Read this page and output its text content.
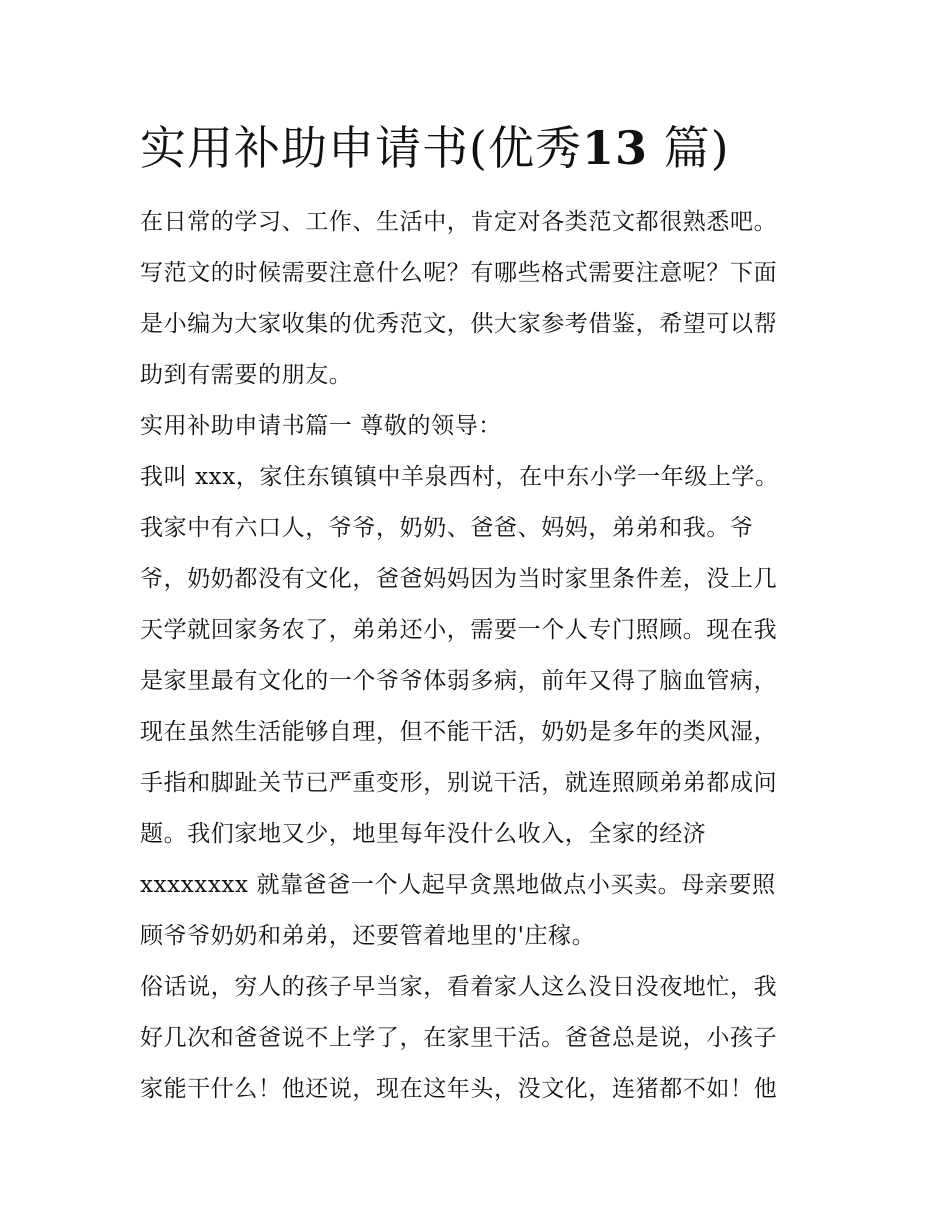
实用补助申请书(优秀13 篇)
在日常的学习、工作、生活中，肯定对各类范文都很熟悉吧。
写范文的时候需要注意什么呢？有哪些格式需要注意呢？下面
是小编为大家收集的优秀范文，供大家参考借鉴，希望可以帮
助到有需要的朋友。
实用补助申请书篇一 尊敬的领导：
我叫 xxx，家住东镇镇中羊泉西村，在中东小学一年级上学。
我家中有六口人，爷爷，奶奶、爸爸、妈妈，弟弟和我。爷
爷，奶奶都没有文化，爸爸妈妈因为当时家里条件差，没上几
天学就回家务农了，弟弟还小，需要一个人专门照顾。现在我
是家里最有文化的一个爷爷体弱多病，前年又得了脑血管病，
现在虽然生活能够自理，但不能干活，奶奶是多年的类风湿，
手指和脚趾关节已严重变形，别说干活，就连照顾弟弟都成问
题。我们家地又少，地里每年没什么收入，全家的经济
xxxxxxxx 就靠爸爸一个人起早贪黑地做点小买卖。母亲要照
顾爷爷奶奶和弟弟，还要管着地里的'庄稼。
俗话说，穷人的孩子早当家，看着家人这么没日没夜地忙，我
好几次和爸爸说不上学了，在家里干活。爸爸总是说，小孩子
家能干什么！他还说，现在这年头，没文化，连猪都不如！他
